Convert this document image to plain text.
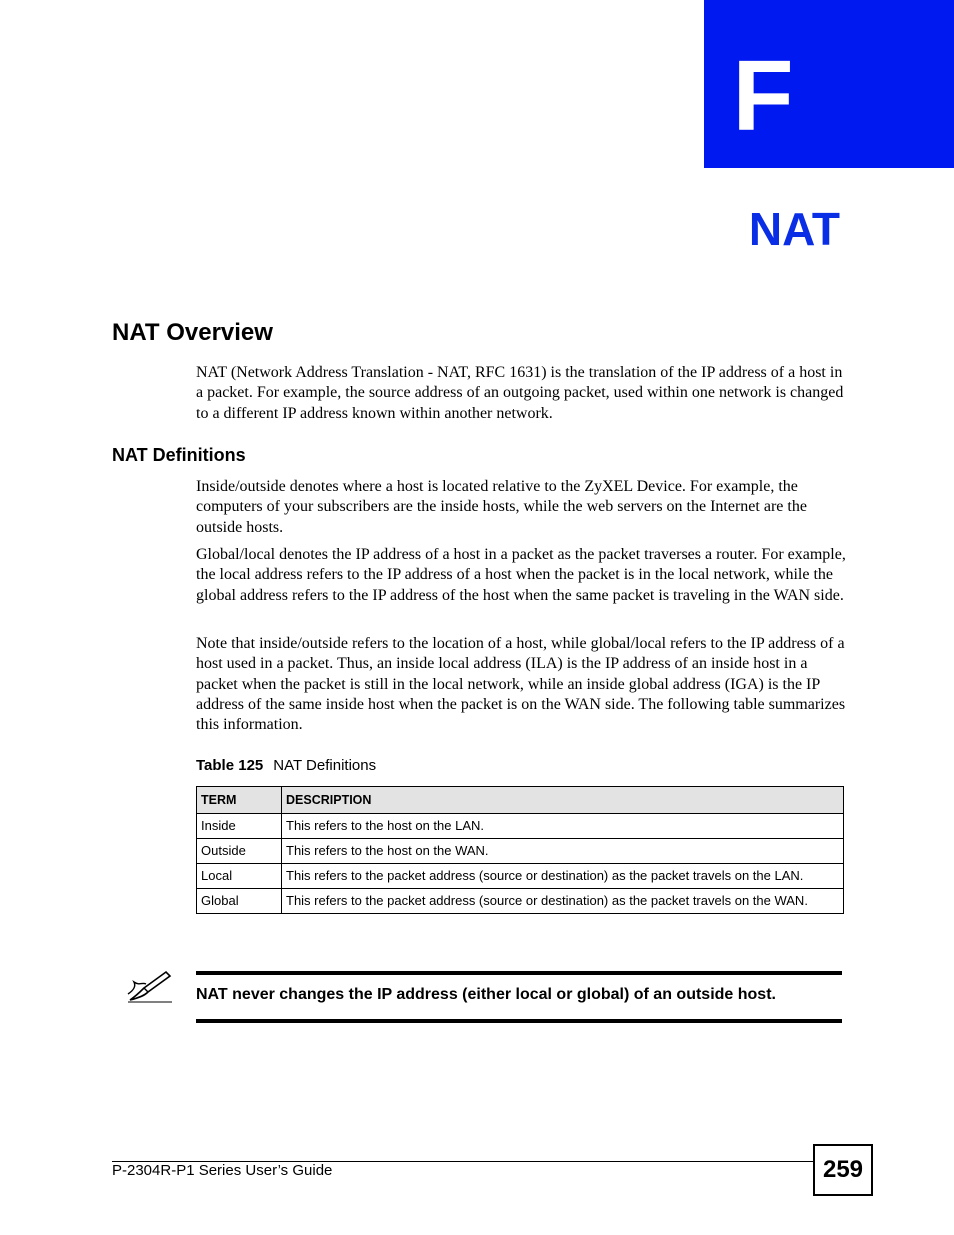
F
NAT
NAT Overview
NAT (Network Address Translation - NAT, RFC 1631) is the translation of the IP address of a host in a packet. For example, the source address of an outgoing packet, used within one network is changed to a different IP address known within another network.
NAT Definitions
Inside/outside denotes where a host is located relative to the ZyXEL Device. For example, the computers of your subscribers are the inside hosts, while the web servers on the Internet are the outside hosts.
Global/local denotes the IP address of a host in a packet as the packet traverses a router. For example, the local address refers to the IP address of a host when the packet is in the local network, while the global address refers to the IP address of the host when the same packet is traveling in the WAN side.
Note that inside/outside refers to the location of a host, while global/local refers to the IP address of a host used in a packet. Thus, an inside local address (ILA) is the IP address of an inside host in a packet when the packet is still in the local network, while an inside global address (IGA) is the IP address of the same inside host when the packet is on the WAN side. The following table summarizes this information.
Table 125 NAT Definitions
TERM	DESCRIPTION
Inside	This refers to the host on the LAN.
Outside	This refers to the host on the WAN.
Local	This refers to the packet address (source or destination) as the packet travels on the LAN.
Global	This refers to the packet address (source or destination) as the packet travels on the WAN.
NAT never changes the IP address (either local or global) of an outside host.
P-2304R-P1 Series User’s Guide	259
